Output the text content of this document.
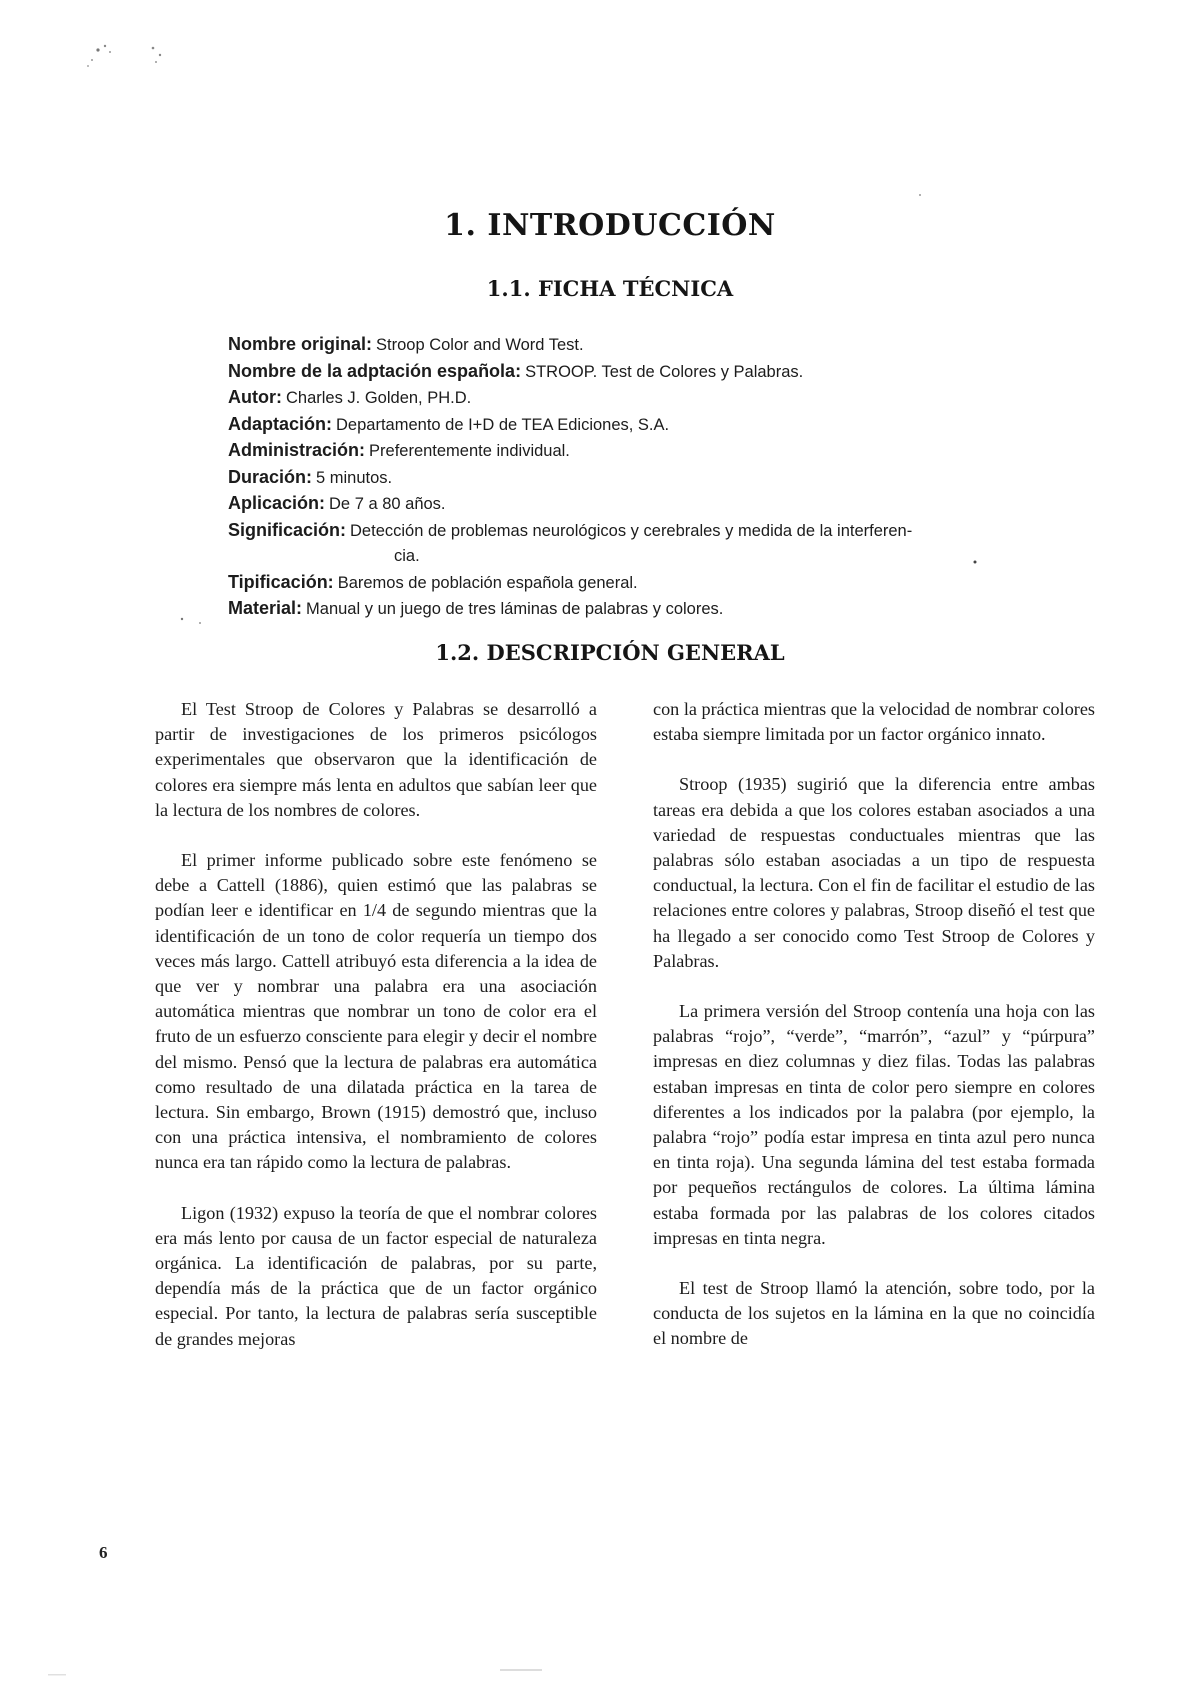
1. INTRODUCCIÓN
1.1. FICHA TÉCNICA
Nombre original: Stroop Color and Word Test.
Nombre de la adptación española: STROOP. Test de Colores y Palabras.
Autor: Charles J. Golden, PH.D.
Adaptación: Departamento de I+D de TEA Ediciones, S.A.
Administración: Preferentemente individual.
Duración: 5 minutos.
Aplicación: De 7 a 80 años.
Significación: Detección de problemas neurológicos y cerebrales y medida de la interferen-
cia.
Tipificación: Baremos de población española general.
Material: Manual y un juego de tres láminas de palabras y colores.
1.2. DESCRIPCIÓN GENERAL

El Test Stroop de Colores y Palabras se desarrolló a partir de investigaciones de los primeros psicólogos experimentales que observaron que la identificación de colores era siempre más lenta en adultos que sabían leer que la lectura de los nombres de colores.

El primer informe publicado sobre este fenómeno se debe a Cattell (1886), quien estimó que las palabras se podían leer e identificar en 1/4 de segundo mientras que la identificación de un tono de color requería un tiempo dos veces más largo. Cattell atribuyó esta diferencia a la idea de que ver y nombrar una palabra era una asociación automática mientras que nombrar un tono de color era el fruto de un esfuerzo consciente para elegir y decir el nombre del mismo. Pensó que la lectura de palabras era automática como resultado de una dilatada práctica en la tarea de lectura. Sin embargo, Brown (1915) demostró que, incluso con una práctica intensiva, el nombramiento de colores nunca era tan rápido como la lectura de palabras.

Ligon (1932) expuso la teoría de que el nombrar colores era más lento por causa de un factor especial de naturaleza orgánica. La identificación de palabras, por su parte, dependía más de la práctica que de un factor orgánico especial. Por tanto, la lectura de palabras sería susceptible de grandes mejoras

con la práctica mientras que la velocidad de nombrar colores estaba siempre limitada por un factor orgánico innato.

Stroop (1935) sugirió que la diferencia entre ambas tareas era debida a que los colores estaban asociados a una variedad de respuestas conductuales mientras que las palabras sólo estaban asociadas a un tipo de respuesta conductual, la lectura. Con el fin de facilitar el estudio de las relaciones entre colores y palabras, Stroop diseñó el test que ha llegado a ser conocido como Test Stroop de Colores y Palabras.

La primera versión del Stroop contenía una hoja con las palabras “rojo”, “verde”, “marrón”, “azul” y “púrpura” impresas en diez columnas y diez filas. Todas las palabras estaban impresas en tinta de color pero siempre en colores diferentes a los indicados por la palabra (por ejemplo, la palabra “rojo” podía estar impresa en tinta azul pero nunca en tinta roja). Una segunda lámina del test estaba formada por pequeños rectángulos de colores. La última lámina estaba formada por las palabras de los colores citados impresas en tinta negra.

El test de Stroop llamó la atención, sobre todo, por la conducta de los sujetos en la lámina en la que no coincidía el nombre de

6
